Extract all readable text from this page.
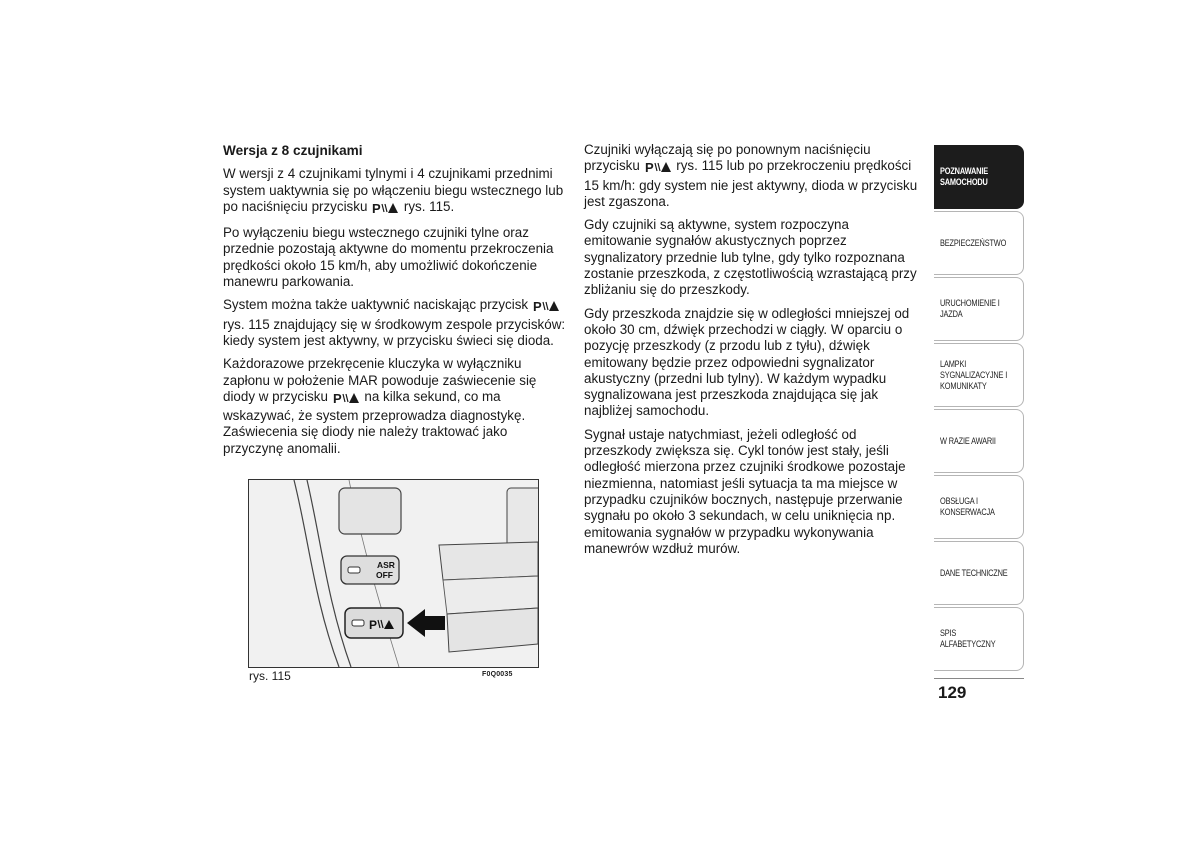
Wersja z 8 czujnikami

W wersji z 4 czujnikami tylnymi i 4 czujnikami przednimi system uaktywnia się po włączeniu biegu wstecznego lub po naciśnięciu przycisku P rys. 115.

Po wyłączeniu biegu wstecznego czujniki tylne oraz przednie pozostają aktywne do momentu przekroczenia prędkości około 15 km/h, aby umożliwić dokończenie manewru parkowania.

System można także uaktywnić naciskając przycisk P
rys. 115 znajdujący się w środkowym zespole przycisków: kiedy system jest aktywny, w przycisku świeci się dioda.

Każdorazowe przekręcenie kluczyka w wyłączniku zapłonu w położenie MAR powoduje zaświecenie się diody w przycisku P na kilka sekund, co ma wskazywać, że system przeprowadza diagnostykę. Zaświecenia się diody nie należy traktować jako przyczynę anomalii.

ASR
OFF
P
rys. 115	F0Q0035

Czujniki wyłączają się po ponownym naciśnięciu przycisku P rys. 115 lub po przekroczeniu prędkości 15 km/h: gdy system nie jest aktywny, dioda w przycisku jest zgaszona.

Gdy czujniki są aktywne, system rozpoczyna emitowanie sygnałów akustycznych poprzez sygnalizatory przednie lub tylne, gdy tylko rozpoznana zostanie przeszkoda, z częstotliwością wzrastającą przy zbliżaniu się do przeszkody.

Gdy przeszkoda znajdzie się w odległości mniejszej od około 30 cm, dźwięk przechodzi w ciągły. W oparciu o pozycję przeszkody (z przodu lub z tyłu), dźwięk emitowany będzie przez odpowiedni sygnalizator akustyczny (przedni lub tylny). W każdym wypadku sygnalizowana jest przeszkoda znajdująca się jak najbliżej samochodu.

Sygnał ustaje natychmiast, jeżeli odległość od przeszkody zwiększa się. Cykl tonów jest stały, jeśli odległość mierzona przez czujniki środkowe pozostaje niezmienna, natomiast jeśli sytuacja ta ma miejsce w przypadku czujników bocznych, następuje przerwanie sygnału po około 3 sekundach, w celu uniknięcia np. emitowania sygnałów w przypadku wykonywania manewrów wzdłuż murów.

POZNAWANIE
SAMOCHODU
BEZPIECZEŃSTWO
URUCHOMIENIE I
JAZDA
LAMPKI
SYGNALIZACYJNE I
KOMUNIKATY
W RAZIE AWARII
OBSŁUGA I
KONSERWACJA
DANE TECHNICZNE
SPIS ALFABETYCZNY
129
